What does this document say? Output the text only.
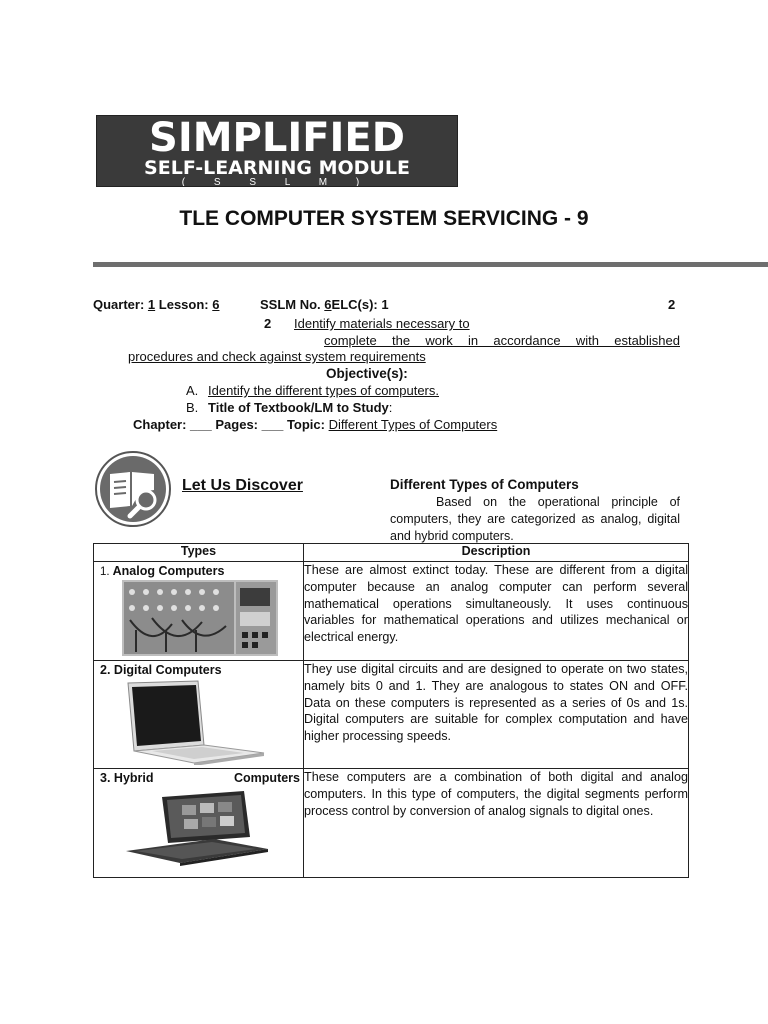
SIMPLIFIED
SELF-LEARNING MODULE
( S S L M )
TLE COMPUTER SYSTEM SERVICING - 9
Quarter: 1 Lesson: 6	SSLM No. 6ELC(s): 1	2
2 Identify materials necessary to
complete the work in accordance with established
procedures and check against system requirements
Objective(s):
A. Identify the different types of computers.
B. Title of Textbook/LM to Study:
Chapter: ___ Pages: ___ Topic: Different Types of Computers
Let Us Discover	Different Types of Computers
Based on the operational principle of computers, they are categorized as analog, digital and hybrid computers.
Types	Description

1. Analog Computers	These are almost extinct today. These are different from a digital computer because an analog computer can perform several mathematical operations simultaneously. It uses continuous variables for mathematical operations and utilizes mechanical or electrical energy.

2. Digital Computers	They use digital circuits and are designed to operate on two states, namely bits 0 and 1. They are analogous to states ON and OFF. Data on these computers is represented as a series of 0s and 1s. Digital computers are suitable for complex computation and have higher processing speeds.

3. Hybrid Computers	These computers are a combination of both digital and analog computers. In this type of computers, the digital segments perform process control by conversion of analog signals to digital ones.
